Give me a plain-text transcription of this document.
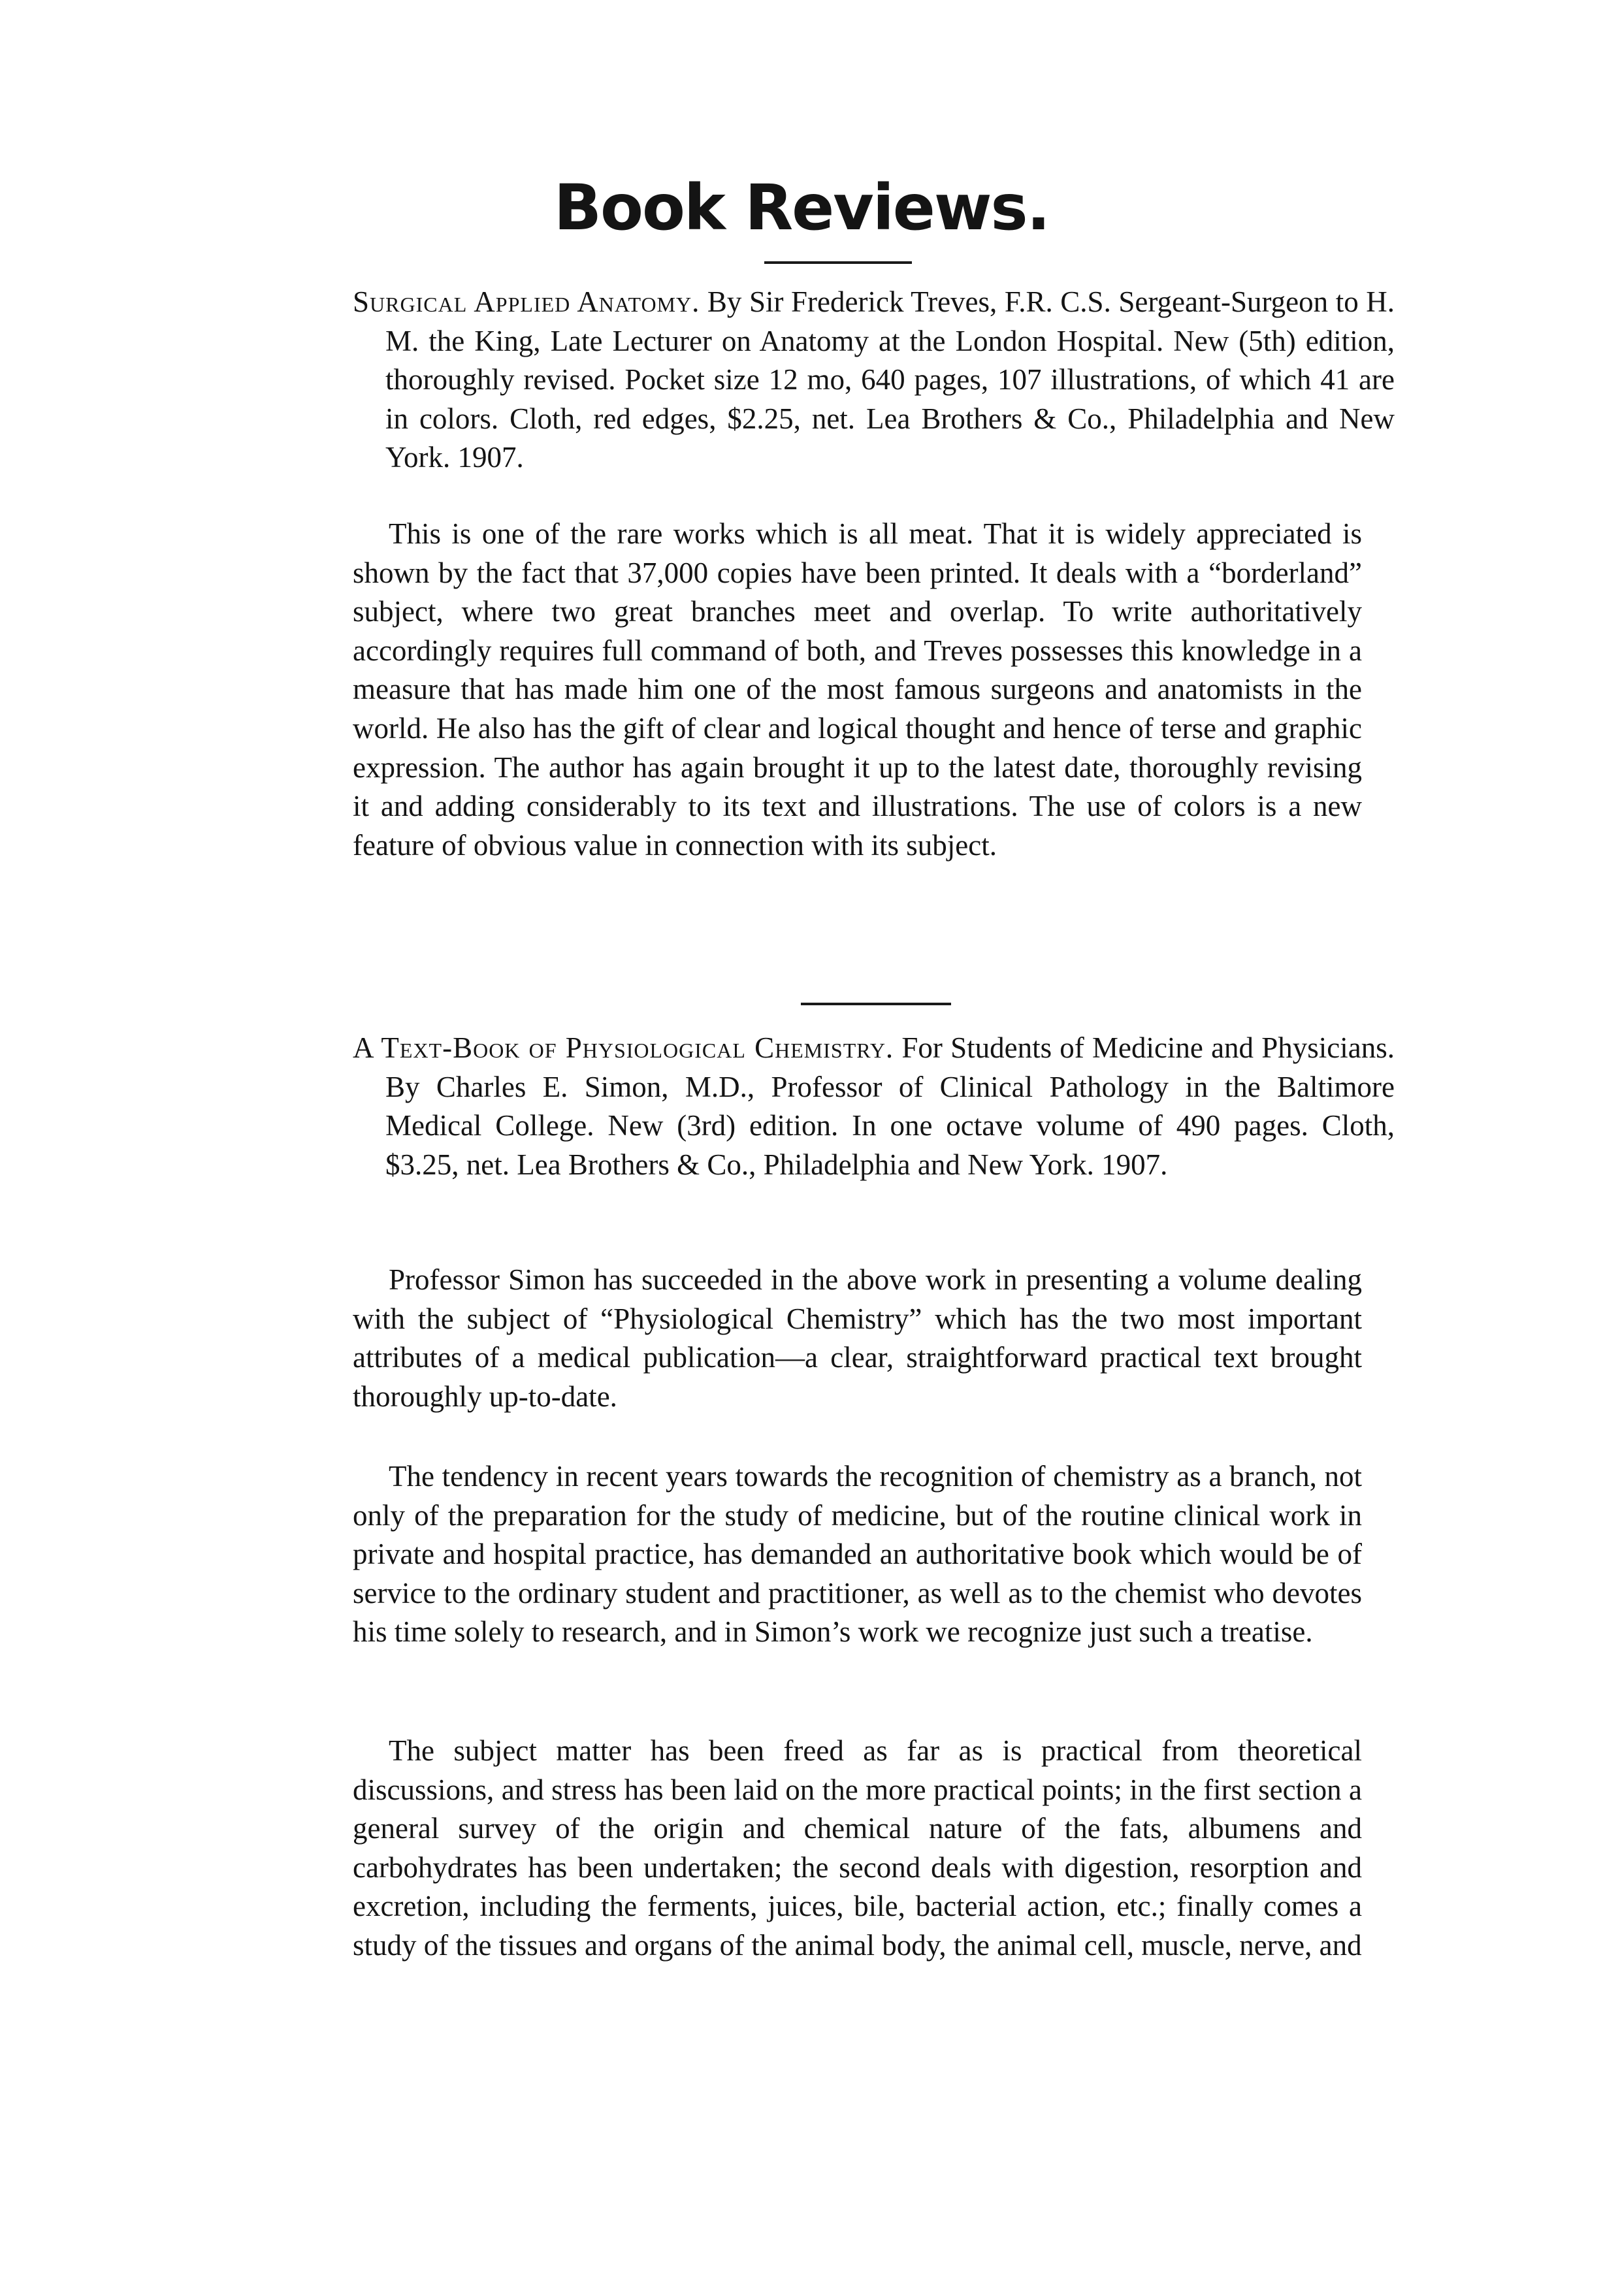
Book Reviews.
Surgical Applied Anatomy. By Sir Frederick Treves, F.R. C.S. Sergeant-Surgeon to H. M. the King, Late Lecturer on Anatomy at the London Hospital. New (5th) edition, thoroughly revised. Pocket size 12 mo, 640 pages, 107 illustrations, of which 41 are in colors. Cloth, red edges, $2.25, net. Lea Brothers & Co., Philadelphia and New York. 1907.

This is one of the rare works which is all meat. That it is widely appreciated is shown by the fact that 37,000 copies have been printed. It deals with a “borderland” subject, where two great branches meet and overlap. To write authoritatively accordingly requires full command of both, and Treves possesses this knowledge in a measure that has made him one of the most famous surgeons and anatomists in the world. He also has the gift of clear and logical thought and hence of terse and graphic expression. The author has again brought it up to the latest date, thoroughly revising it and adding considerably to its text and illustrations. The use of colors is a new feature of obvious value in connection with its subject.

A Text-Book of Physiological Chemistry. For Students of Medicine and Physicians. By Charles E. Simon, M.D., Professor of Clinical Pathology in the Baltimore Medical College. New (3rd) edition. In one octave volume of 490 pages. Cloth, $3.25, net. Lea Brothers & Co., Philadelphia and New York. 1907.

Professor Simon has succeeded in the above work in presenting a volume dealing with the subject of “Physiological Chemistry” which has the two most important attributes of a medical publication—a clear, straightforward practical text brought thoroughly up-to-date.

The tendency in recent years towards the recognition of chemistry as a branch, not only of the preparation for the study of medicine, but of the routine clinical work in private and hospital practice, has demanded an authoritative book which would be of service to the ordinary student and practitioner, as well as to the chemist who devotes his time solely to research, and in Simon’s work we recognize just such a treatise.

The subject matter has been freed as far as is practical from theoretical discussions, and stress has been laid on the more practical points; in the first section a general survey of the origin and chemical nature of the fats, albumens and carbohydrates has been undertaken; the second deals with digestion, resorption and excretion, including the ferments, juices, bile, bacterial action, etc.; finally comes a study of the tissues and organs of the animal body, the animal cell, muscle, nerve, and
